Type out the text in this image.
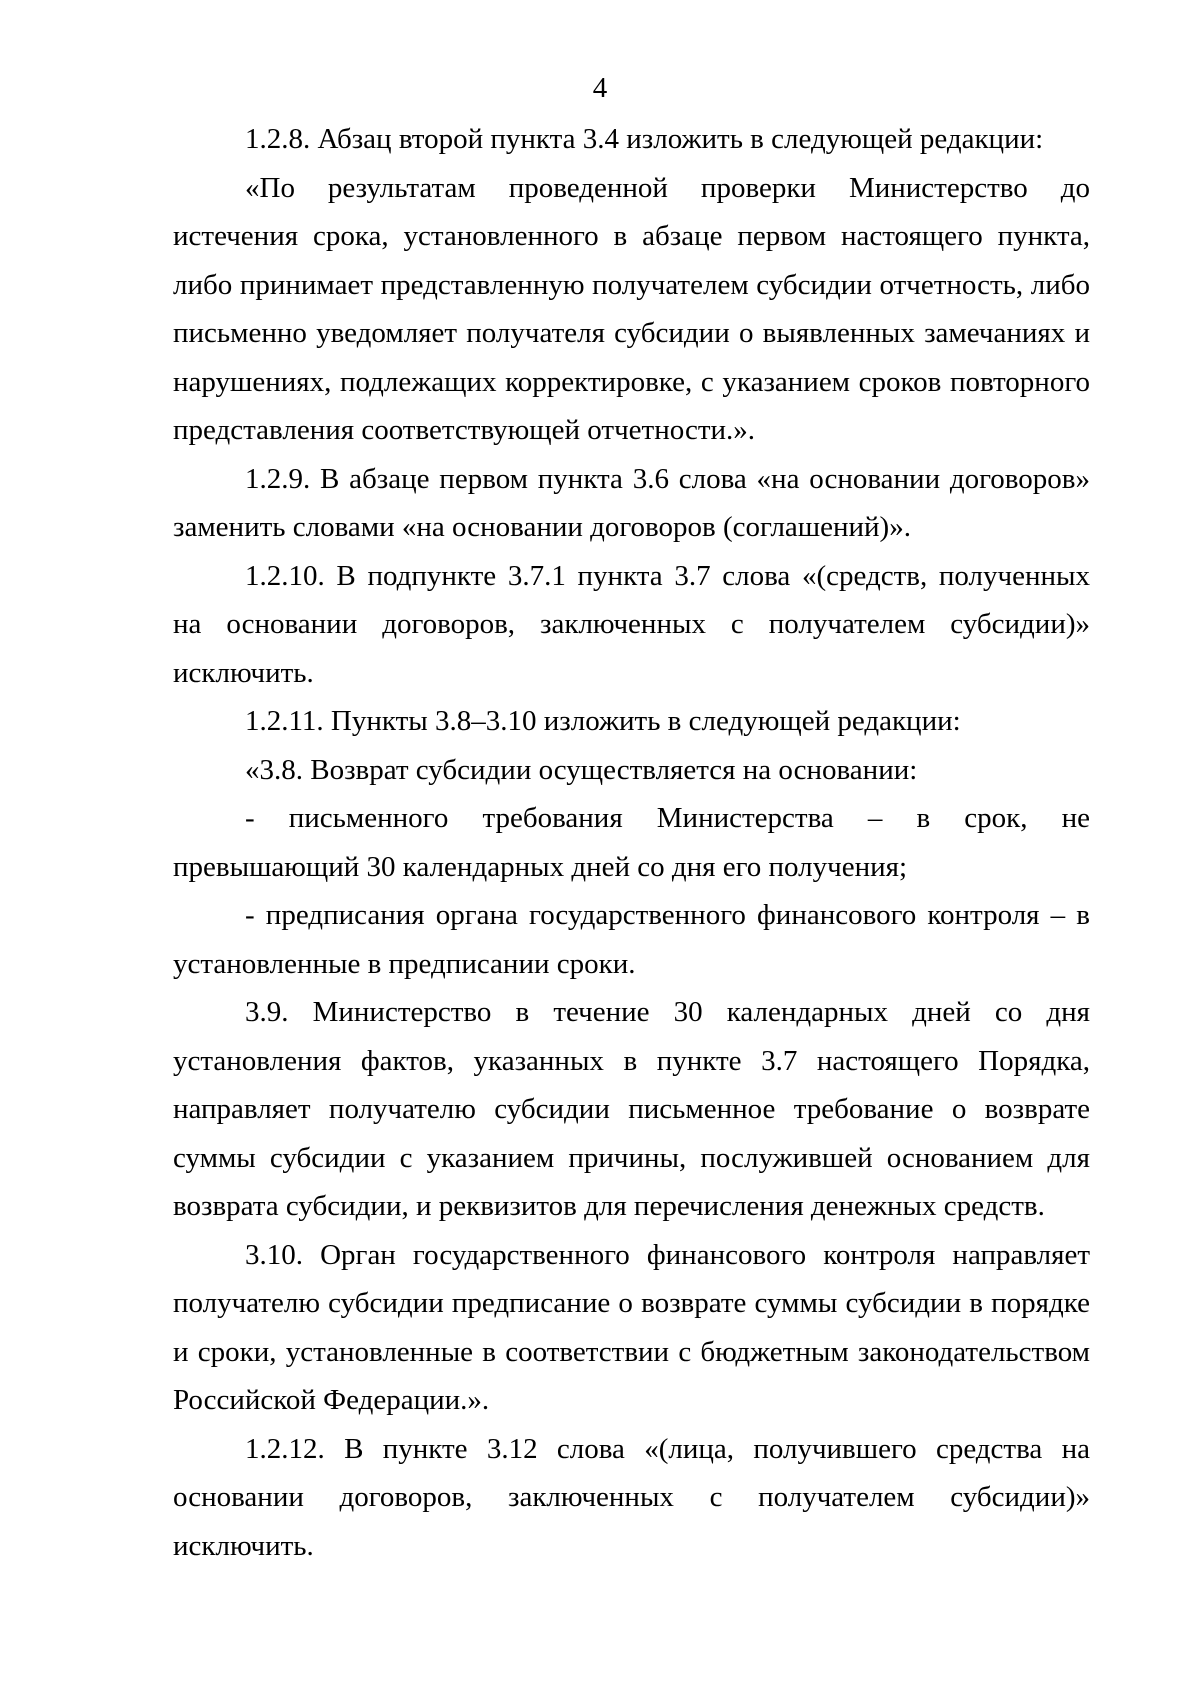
4

1.2.8. Абзац второй пункта 3.4 изложить в следующей редакции:

«По результатам проведенной проверки Министерство до истечения срока, установленного в абзаце первом настоящего пункта, либо принимает представленную получателем субсидии отчетность, либо письменно уведомляет получателя субсидии о выявленных замечаниях и нарушениях, подлежащих корректировке, с указанием сроков повторного представления соответствующей отчетности.».

1.2.9. В абзаце первом пункта 3.6 слова «на основании договоров» заменить словами «на основании договоров (соглашений)».

1.2.10. В подпункте 3.7.1 пункта 3.7 слова «(средств, полученных на основании договоров, заключенных с получателем субсидии)» исключить.

1.2.11. Пункты 3.8–3.10 изложить в следующей редакции:

«3.8. Возврат субсидии осуществляется на основании:

- письменного требования Министерства – в срок, не превышающий 30 календарных дней со дня его получения;

- предписания органа государственного финансового контроля – в установленные в предписании сроки.

3.9. Министерство в течение 30 календарных дней со дня установления фактов, указанных в пункте 3.7 настоящего Порядка, направляет получателю субсидии письменное требование о возврате суммы субсидии с указанием причины, послужившей основанием для возврата субсидии, и реквизитов для перечисления денежных средств.

3.10. Орган государственного финансового контроля направляет получателю субсидии предписание о возврате суммы субсидии в порядке и сроки, установленные в соответствии с бюджетным законодательством Российской Федерации.».

1.2.12. В пункте 3.12 слова «(лица, получившего средства на основании договоров, заключенных с получателем субсидии)» исключить.
